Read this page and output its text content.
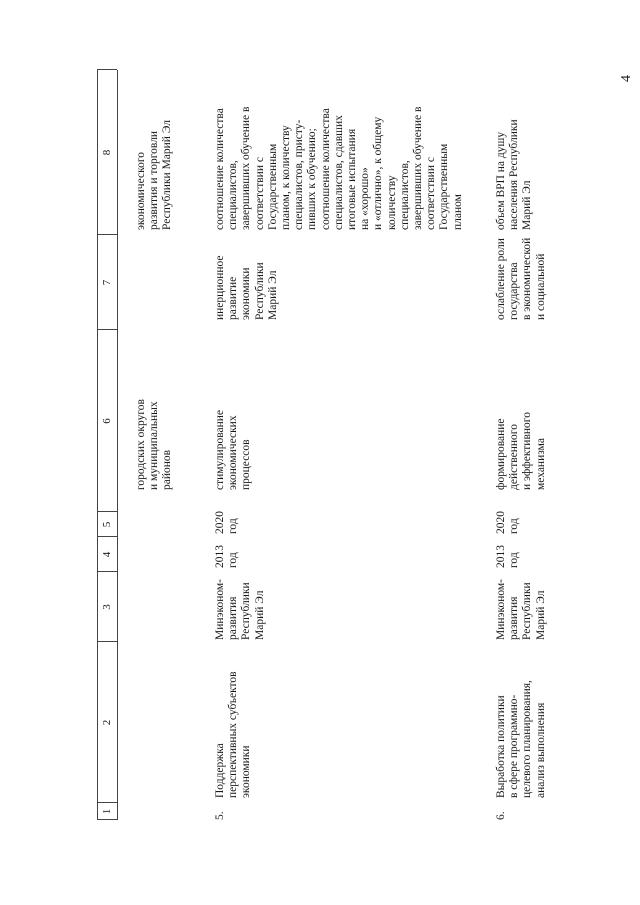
4
1
2
3
4
5
6
7
8
городских округов
и муниципальных
районов
экономического
развития и торговли
Республики Марий Эл
5.
Поддержка
перспективных субъектов
экономики
Минэконом-
развития
Республики
Марий Эл
2013
год
2020
год
стимулирование
экономических
процессов
инерционное
развитие
экономики
Республики
Марий Эл
соотношение количества
специалистов,
завершивших обучение в
соответствии с
Государственным
планом, к количеству
специалистов, присту-
пивших к обучению;
соотношение количества
специалистов, сдавших
итоговые испытания
на «хорошо»
и «отлично», к общему
количеству
специалистов,
завершивших обучение в
соответствии с
Государственным
планом
6.
Выработка политики
в сфере программно-
целевого планирования,
анализ выполнения
Минэконом-
развития
Республики
Марий Эл
2013
год
2020
год
формирование
действенного
и эффективного
механизма
ослабление роли
государства
в экономической
и социальной
объем ВРП на душу
населения Республики
Марий Эл
